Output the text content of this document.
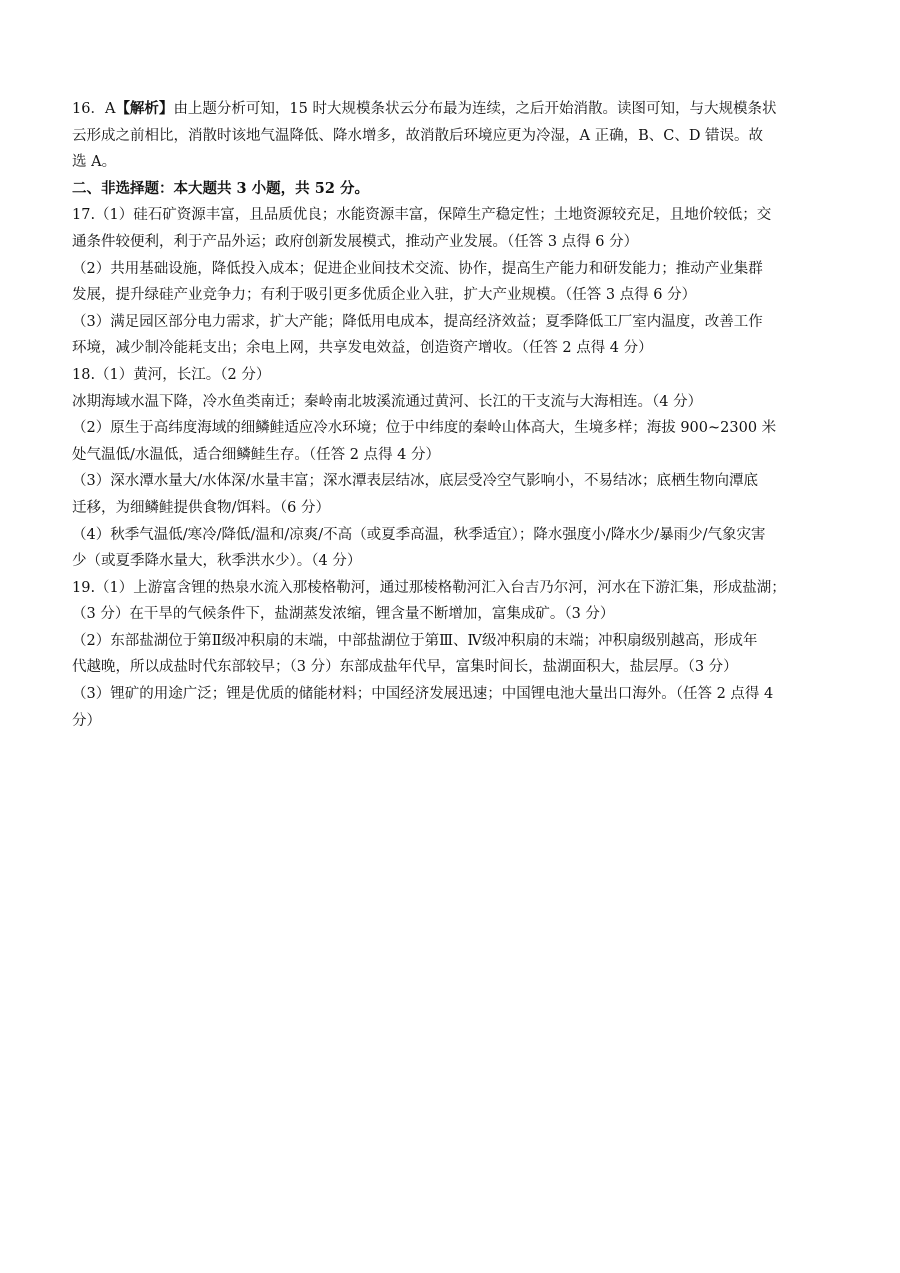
16．A【解析】由上题分析可知，15 时大规模条状云分布最为连续，之后开始消散。读图可知，与大规模条状
云形成之前相比，消散时该地气温降低、降水增多，故消散后环境应更为冷湿，A 正确，B、C、D 错误。故
选 A。
二、非选择题：本大题共 3 小题，共 52 分。
17.（1）硅石矿资源丰富，且品质优良；水能资源丰富，保障生产稳定性；土地资源较充足，且地价较低；交
通条件较便利，利于产品外运；政府创新发展模式，推动产业发展。（任答 3 点得 6 分）
（2）共用基础设施，降低投入成本；促进企业间技术交流、协作，提高生产能力和研发能力；推动产业集群
发展，提升绿硅产业竞争力；有利于吸引更多优质企业入驻，扩大产业规模。（任答 3 点得 6 分）
（3）满足园区部分电力需求，扩大产能；降低用电成本，提高经济效益；夏季降低工厂室内温度，改善工作
环境，减少制冷能耗支出；余电上网，共享发电效益，创造资产增收。（任答 2 点得 4 分）
18.（1）黄河，长江。（2 分）
冰期海域水温下降，冷水鱼类南迁；秦岭南北坡溪流通过黄河、长江的干支流与大海相连。（4 分）
（2）原生于高纬度海域的细鳞鲑适应冷水环境；位于中纬度的秦岭山体高大，生境多样；海拔 900~2300 米
处气温低/水温低，适合细鳞鲑生存。（任答 2 点得 4 分）
（3）深水潭水量大/水体深/水量丰富；深水潭表层结冰，底层受冷空气影响小，不易结冰；底栖生物向潭底
迁移，为细鳞鲑提供食物/饵料。（6 分）
（4）秋季气温低/寒冷/降低/温和/凉爽/不高（或夏季高温，秋季适宜）；降水强度小/降水少/暴雨少/气象灾害
少（或夏季降水量大，秋季洪水少）。（4 分）
19.（1）上游富含锂的热泉水流入那棱格勒河，通过那棱格勒河汇入台吉乃尔河，河水在下游汇集，形成盐湖；
（3 分）在干旱的气候条件下，盐湖蒸发浓缩，锂含量不断增加，富集成矿。（3 分）
（2）东部盐湖位于第Ⅱ级冲积扇的末端，中部盐湖位于第Ⅲ、Ⅳ级冲积扇的末端；冲积扇级别越高，形成年
代越晚，所以成盐时代东部较早；（3 分）东部成盐年代早，富集时间长，盐湖面积大，盐层厚。（3 分）
（3）锂矿的用途广泛；锂是优质的储能材料；中国经济发展迅速；中国锂电池大量出口海外。（任答 2 点得 4
分）
